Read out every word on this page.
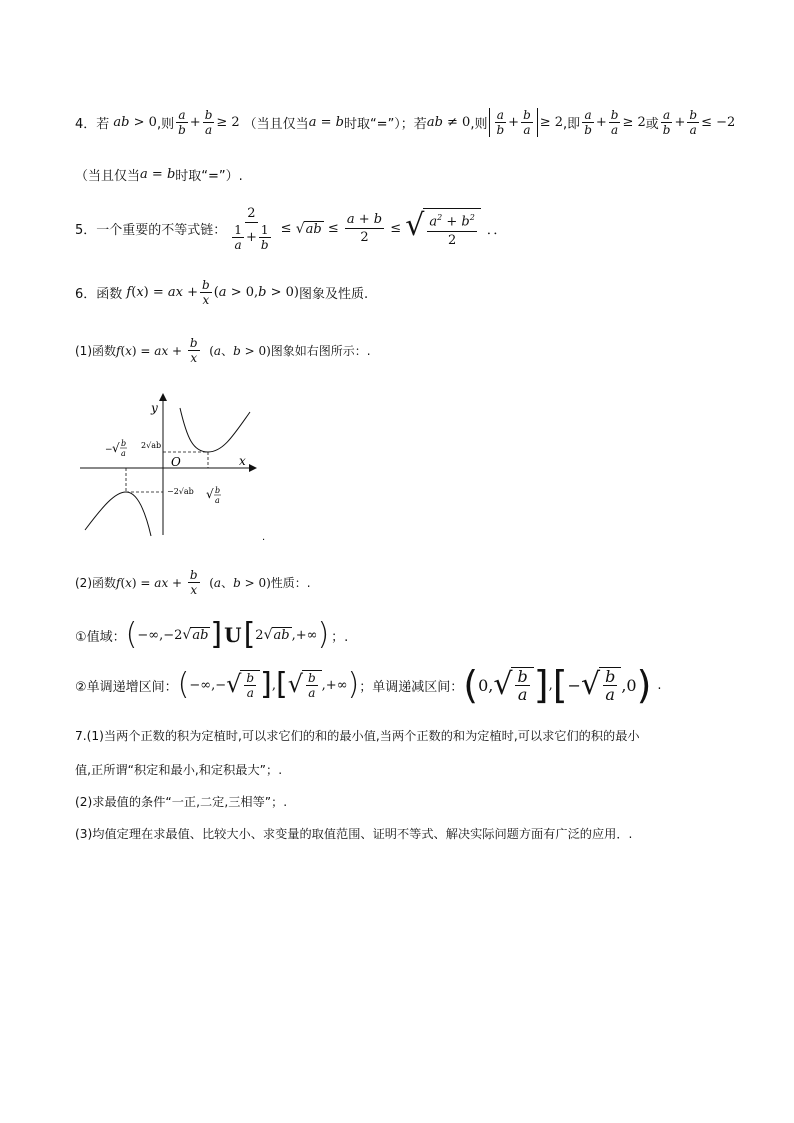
4． 若 ab > 0 ,则 $\frac{a}{b} + \frac{b}{a} \ge 2$ （当且仅当 a = b 时取“=”）；若 ab ≠ 0 ,则 $\frac{a}{b} + \frac{b}{a} \ge 2$ ,即 $\frac{a}{b} + \frac{b}{a} \ge 2$ 或 $\frac{a}{b} + \frac{b}{a} \le -2$
（当且仅当 a = b 时取“=”）.
5． 一个重要的不等式链： $\frac{2}{\frac{1}{a} + \frac{1}{b}}$ ≤ √ ab ≤ $\frac{a + b}{2}$ ≤ √ $\frac{a^2 + b^2}{2}$ ．．
6． 函数 f ( x ) = ax + $\frac{b}{x}$ ( a > 0, b > 0) 图象及性质.
(1)函数 f ( x ) = ax + $\frac{b}{x}$ ( a 、 b > 0) 图象如右图所示：.
y
x
O
2√ab
−2√ab
− √ b
a
√ b
a
.
(2)函数 f ( x ) = ax + $\frac{b}{x}$ ( a 、 b > 0) 性质：.
①值域： ( −∞,−2 √ ab ] U [ 2 √ ab ,+∞ ) ；.
②单调递增区间： ( −∞,− √ $\frac{b}{a}$ ] , [ √ $\frac{b}{a}$ ,+∞ ) ；单调递减区间： ( 0, √ $\frac{b}{a}$ ] , [ − √ $\frac{b}{a} ,0$ ) .
7.(1)当两个正数的积为定植时,可以求它们的和的最小值,当两个正数的和为定植时,可以求它们的积的最小
值,正所谓“积定和最小,和定积最大”；.
(2)求最值的条件“一正,二定,三相等”；.
(3)均值定理在求最值、比较大小、求变量的取值范围、证明不等式、解决实际问题方面有广泛的应用．.
